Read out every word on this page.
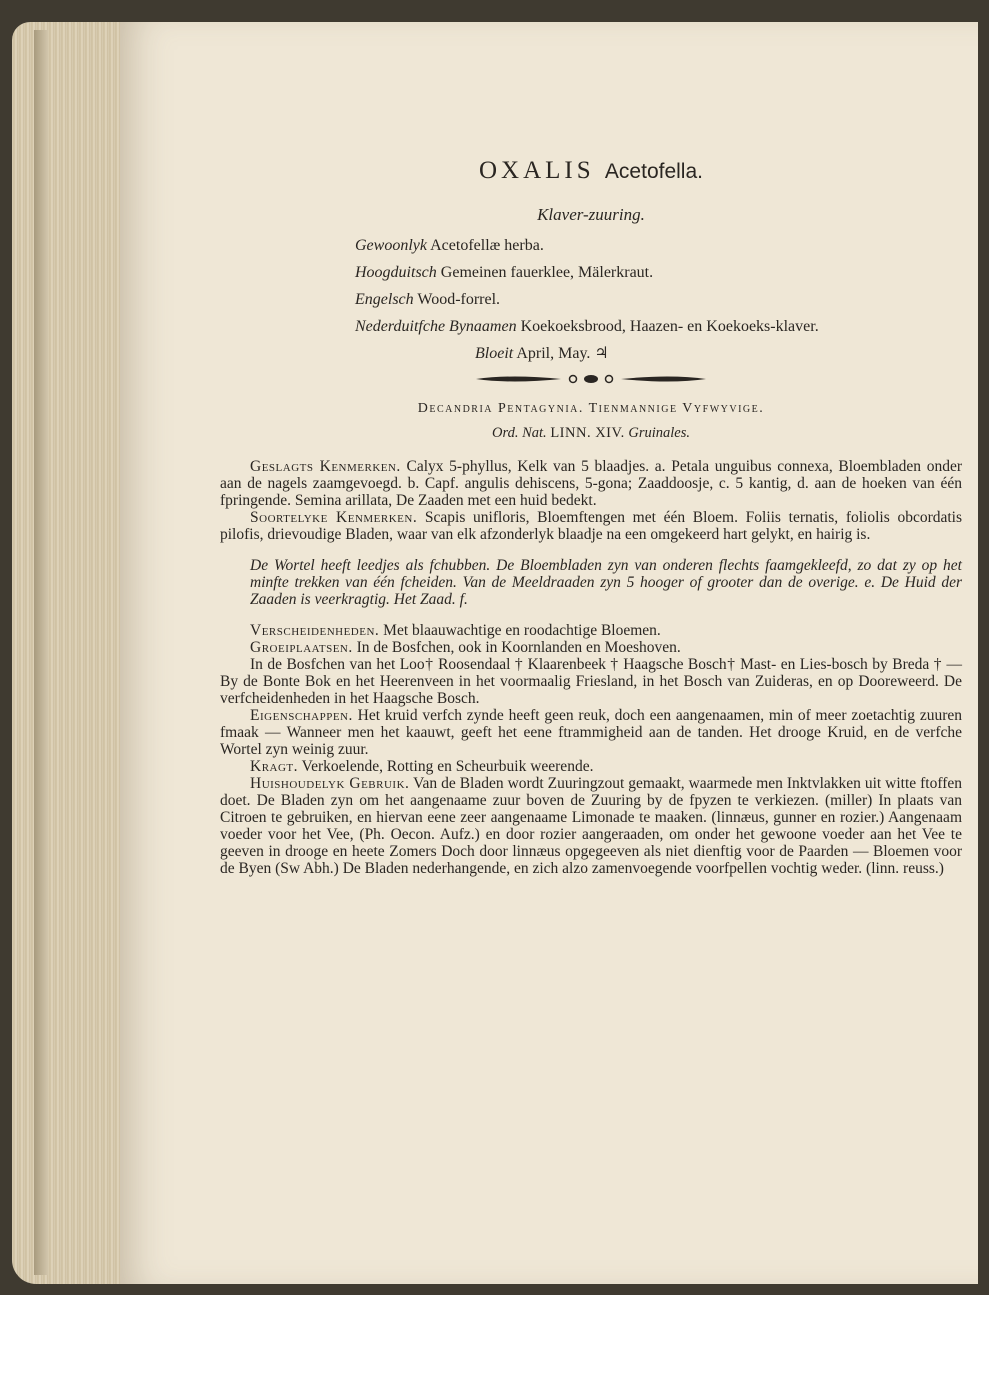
OXALIS Acetofella.
Klaver-zuuring.
Gewoonlyk Acetofellæ herba.
Hoogduitsch Gemeinen fauerklee, Mälerkraut.
Engelsch Wood-forrel.
Nederduitfche Bynaamen Koekoeksbrood, Haazen- en Koekoeks-klaver.
Bloeit April, May. ♃
Decandria Pentagynia. Tienmannige Vyfwyvige.
Ord. Nat. LINN. XIV. Gruinales.

Geslagts Kenmerken. Calyx 5-phyllus, Kelk van 5 blaadjes. a. Petala unguibus connexa, Bloembladen onder aan de nagels zaamgevoegd. b. Capf. angulis dehiscens, 5-gona; Zaaddoosje, c. 5 kantig, d. aan de hoeken van één fpringende. Semina arillata, De Zaaden met een huid bedekt.

Soortelyke Kenmerken. Scapis unifloris, Bloemftengen met één Bloem. Foliis ternatis, foliolis obcordatis pilofis, drievoudige Bladen, waar van elk afzonderlyk blaadje na een omgekeerd hart gelykt, en hairig is.

De Wortel heeft leedjes als fchubben. De Bloembladen zyn van onderen flechts faamgekleefd, zo dat zy op het minfte trekken van één fcheiden. Van de Meeldraaden zyn 5 hooger of grooter dan de overige. e. De Huid der Zaaden is veerkragtig. Het Zaad. f.

Verscheidenheden. Met blaauwachtige en roodachtige Bloemen.

Groeiplaatsen. In de Bosfchen, ook in Koornlanden en Moeshoven.

In de Bosfchen van het Loo† Roosendaal † Klaarenbeek † Haagsche Bosch† Mast- en Lies-bosch by Breda † — By de Bonte Bok en het Heerenveen in het voormaalig Friesland, in het Bosch van Zuideras, en op Dooreweerd. De verfcheidenheden in het Haagsche Bosch.

Eigenschappen. Het kruid verfch zynde heeft geen reuk, doch een aangenaamen, min of meer zoetachtig zuuren fmaak — Wanneer men het kaauwt, geeft het eene ftrammigheid aan de tanden. Het drooge Kruid, en de verfche Wortel zyn weinig zuur.

Kragt. Verkoelende, Rotting en Scheurbuik weerende.

Huishoudelyk Gebruik. Van de Bladen wordt Zuuringzout gemaakt, waarmede men Inktvlakken uit witte ftoffen doet. De Bladen zyn om het aangenaame zuur boven de Zuuring by de fpyzen te verkiezen. (miller) In plaats van Citroen te gebruiken, en hiervan eene zeer aangenaame Limonade te maaken. (linnæus, gunner en rozier.) Aangenaam voeder voor het Vee, (Ph. Oecon. Aufz.) en door rozier aangeraaden, om onder het gewoone voeder aan het Vee te geeven in drooge en heete Zomers Doch door linnæus opgegeeven als niet dienftig voor de Paarden — Bloemen voor de Byen (Sw Abh.) De Bladen nederhangende, en zich alzo zamenvoegende voorfpellen vochtig weder. (linn. reuss.)
